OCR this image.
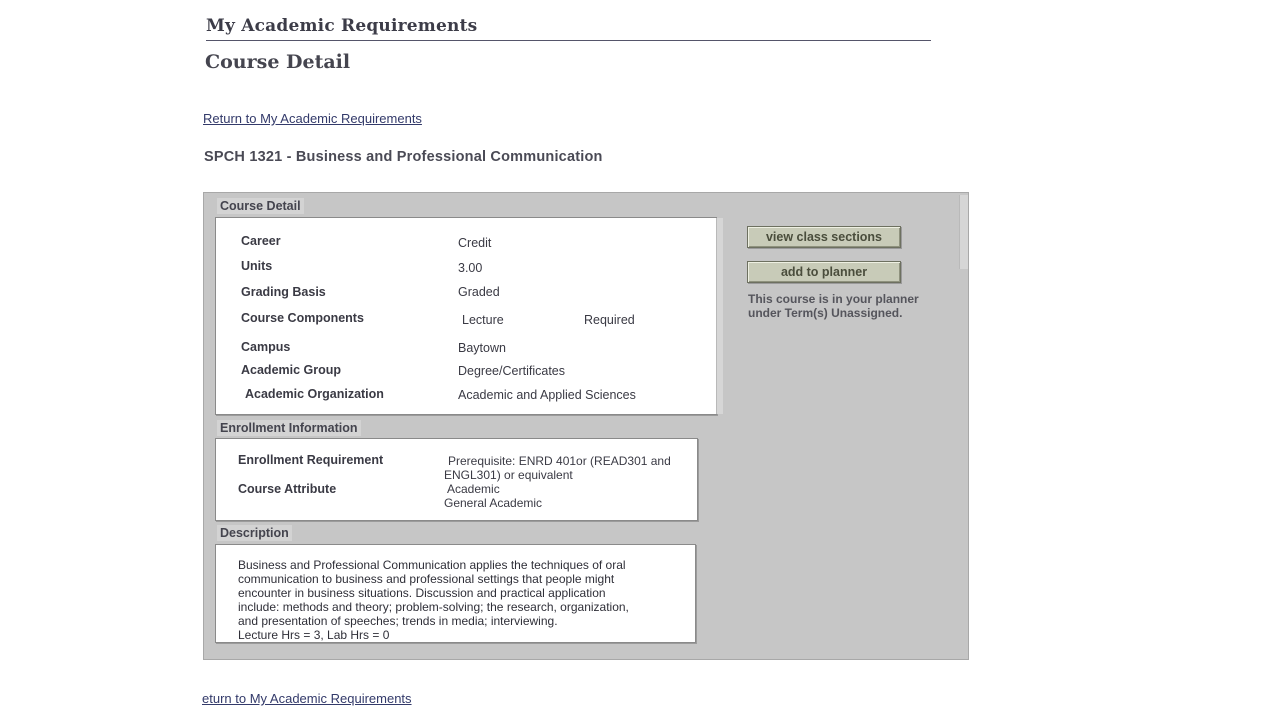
My Academic Requirements
Course Detail
Return to My Academic Requirements
SPCH 1321 - Business and Professional Communication
Course Detail
Career	Credit
Units	3.00
Grading Basis	Graded
Course Components	Lecture	Required
Campus	Baytown
Academic Group	Degree/Certificates
Academic Organization	Academic and Applied Sciences
view class sections
add to planner
This course is in your planner
under Term(s) Unassigned.
Enrollment Information
Enrollment Requirement	Prerequisite: ENRD 401or (READ301 and
ENGL301) or equivalent
Course Attribute	Academic
General Academic
Description
Business and Professional Communication applies the techniques of oral
communication to business and professional settings that people might
encounter in business situations. Discussion and practical application
include: methods and theory; problem-solving; the research, organization,
and presentation of speeches; trends in media; interviewing.
Lecture Hrs = 3, Lab Hrs = 0
eturn to My Academic Requirements
